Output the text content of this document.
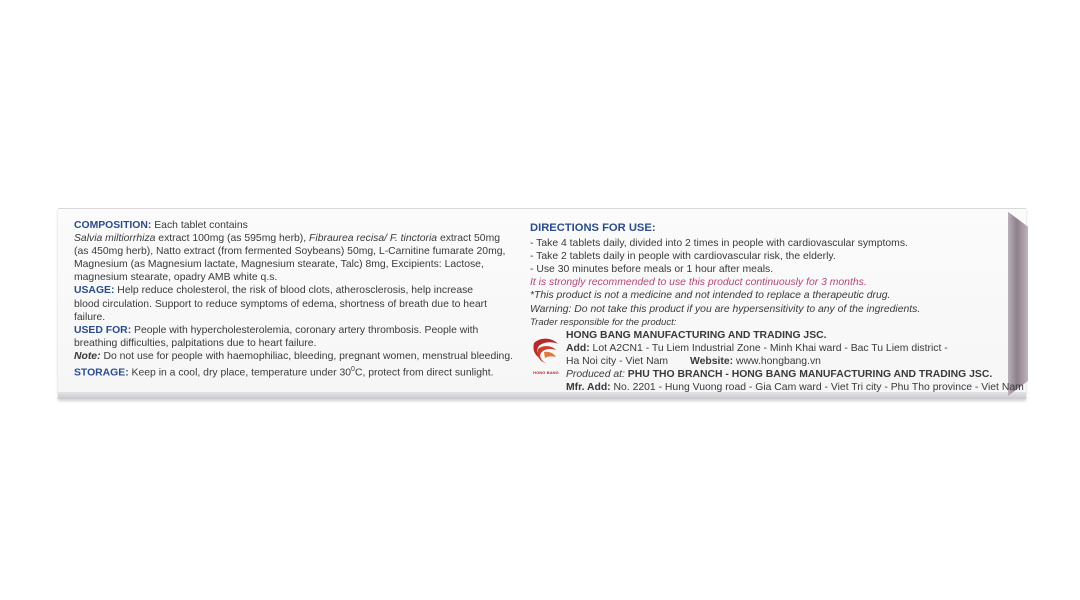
COMPOSITION: Each tablet contains
Salvia miltiorrhiza extract 100mg (as 595mg herb), Fibraurea recisa/ F. tinctoria extract 50mg
(as 450mg herb), Natto extract (from fermented Soybeans) 50mg, L-Carnitine fumarate 20mg,
Magnesium (as Magnesium lactate, Magnesium stearate, Talc) 8mg, Excipients: Lactose,
magnesium stearate, opadry AMB white q.s.
USAGE: Help reduce cholesterol, the risk of blood clots, atherosclerosis, help increase
blood circulation. Support to reduce symptoms of edema, shortness of breath due to heart
failure.
USED FOR: People with hypercholesterolemia, coronary artery thrombosis. People with
breathing difficulties, palpitations due to heart failure.
Note: Do not use for people with haemophiliac, bleeding, pregnant women, menstrual bleeding.
STORAGE: Keep in a cool, dry place, temperature under $30^0C$, protect from direct sunlight.
DIRECTIONS FOR USE:
- Take 4 tablets daily, divided into 2 times in people with cardiovascular symptoms.
- Take 2 tablets daily in people with cardiovascular risk, the elderly.
- Use 30 minutes before meals or 1 hour after meals.
It is strongly recommended to use this product continuously for 3 months.
*This product is not a medicine and not intended to replace a therapeutic drug.
Warning: Do not take this product if you are hypersensitivity to any of the ingredients.
Trader responsible for the product:
HONG BANG MANUFACTURING AND TRADING JSC.
Add: Lot A2CN1 - Tu Liem Industrial Zone - Minh Khai ward - Bac Tu Liem district -
Ha Noi city - Viet Nam Website: www.hongbang.vn
Produced at: PHU THO BRANCH - HONG BANG MANUFACTURING AND TRADING JSC.
Mfr. Add: No. 2201 - Hung Vuong road - Gia Cam ward - Viet Tri city - Phu Tho province - Viet Nam
HONG BANG
